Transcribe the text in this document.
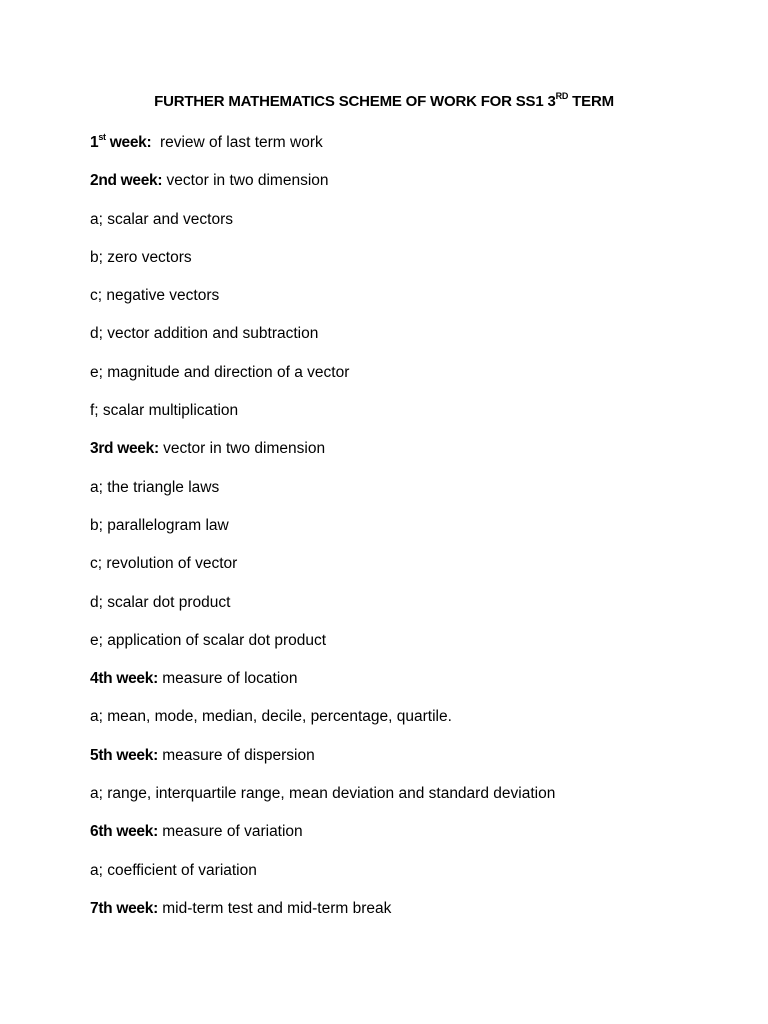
FURTHER MATHEMATICS SCHEME OF WORK FOR SS1 3RD TERM
1st week:  review of last term work
2nd week: vector in two dimension
a; scalar and vectors
b; zero vectors
c; negative vectors
d; vector addition and subtraction
e; magnitude and direction of a vector
f; scalar multiplication
3rd week: vector in two dimension
a; the triangle laws
b; parallelogram law
c; revolution of vector
d; scalar dot product
e; application of scalar dot product
4th week: measure of location
a; mean, mode, median, decile, percentage, quartile.
5th week: measure of dispersion
a; range, interquartile range, mean deviation and standard deviation
6th week: measure of variation
a; coefficient of variation
7th week: mid-term test and mid-term break
